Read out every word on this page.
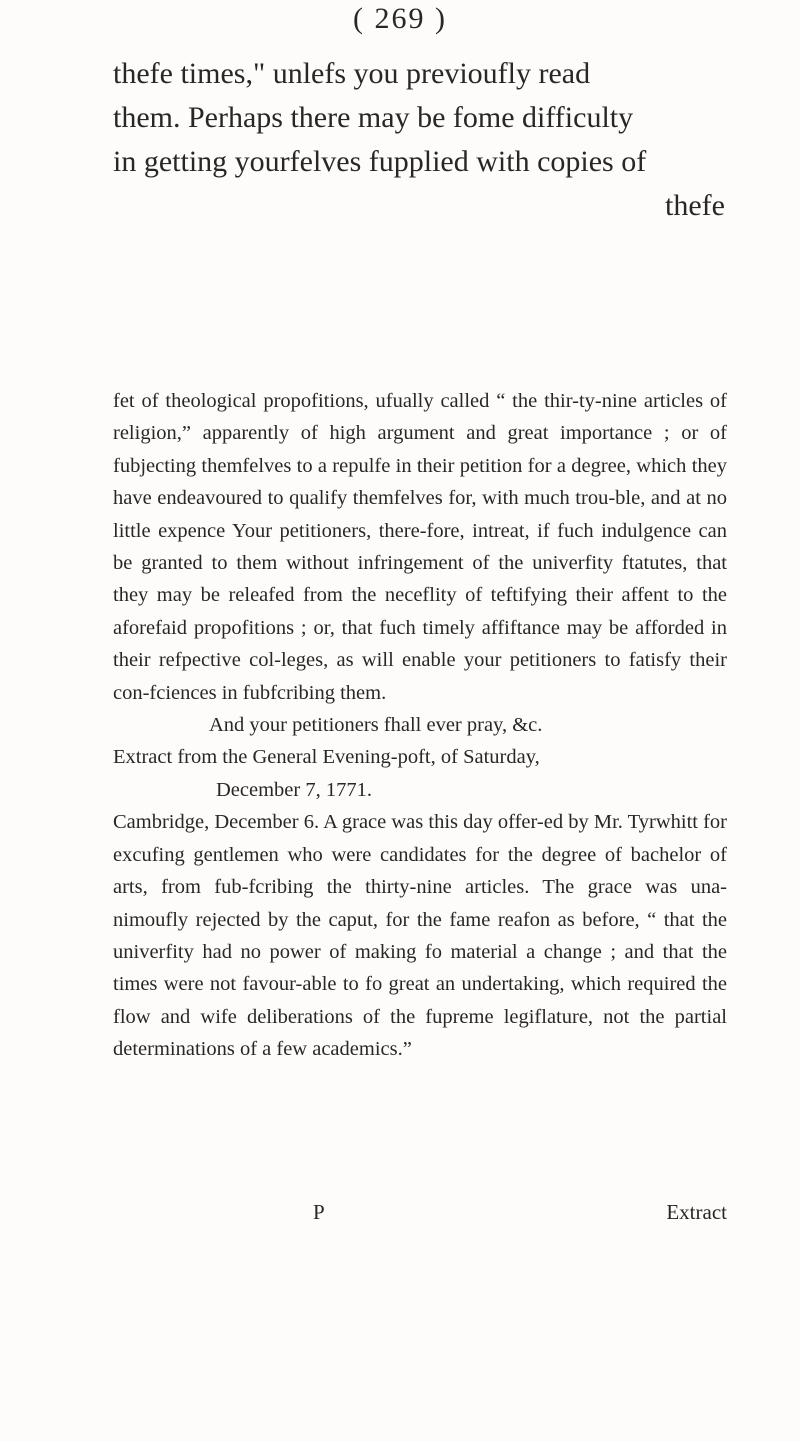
( 269 )
thefe times," unlefs you previoufly read
them. Perhaps there may be fome difficulty
in getting yourfelves fupplied with copies of
thefe

fet of theological propofitions, ufually called “ the thir-ty-nine articles of religion,” apparently of high argument and great importance ; or of fubjecting themfelves to a repulfe in their petition for a degree, which they have endeavoured to qualify themfelves for, with much trou-ble, and at no little expence Your petitioners, there-fore, intreat, if fuch indulgence can be granted to them without infringement of the univerfity ftatutes, that they may be releafed from the neceflity of teftifying their affent to the aforefaid propofitions ; or, that fuch timely affiftance may be afforded in their refpective col-leges, as will enable your petitioners to fatisfy their con-fciences in fubfcribing them.

And your petitioners fhall ever pray, &c.

Extract from the General Evening-poft, of Saturday,
December 7, 1771.

Cambridge, December 6. A grace was this day offer-ed by Mr. Tyrwhitt for excufing gentlemen who were candidates for the degree of bachelor of arts, from fub-fcribing the thirty-nine articles. The grace was una-nimoufly rejected by the caput, for the fame reafon as before, “ that the univerfity had no power of making fo material a change ; and that the times were not favour-able to fo great an undertaking, which required the flow and wife deliberations of the fupreme legiflature, not the partial determinations of a few academics.”

P	Extract
